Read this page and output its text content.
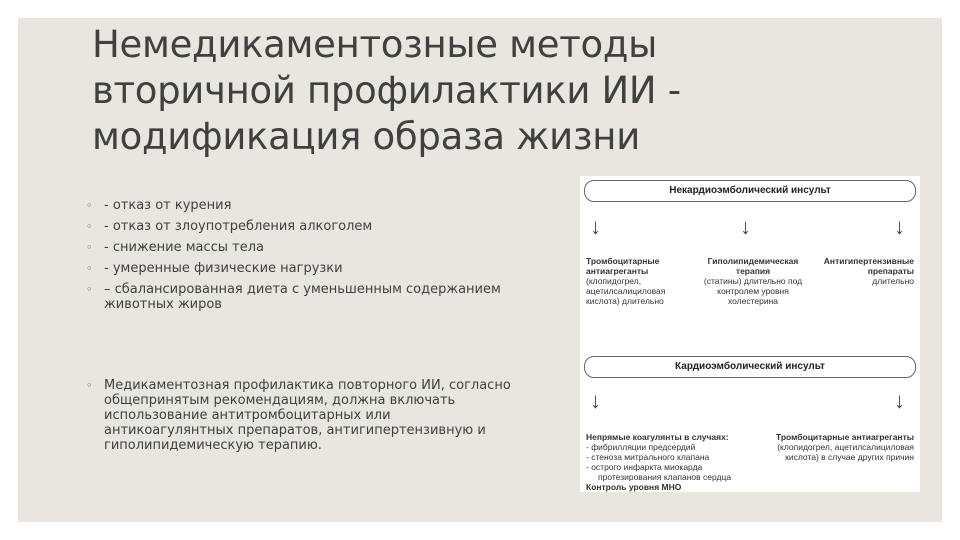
Немедикаментозные методы
вторичной профилактики ИИ -
модификация образа жизни
◦ - отказ от курения
◦ - отказ от злоупотребления алкоголем
◦ - снижение массы тела
◦ - умеренные физические нагрузки
◦ – сбалансированная диета с уменьшенным содержанием животных жиров
◦ Медикаментозная профилактика повторного ИИ, согласно общепринятым рекомендациям, должна включать использование антитромбоцитарных или антикоагулянтных препаратов, антигипертензивную и гиполипидемическую терапию.
Некардиоэмболический инсульт
↓	↓	↓
Тромбоцитарные антиагреганты
(клопидогрел, ацетилсалициловая кислота) длительно
Гиполипидемическая терапия
(статины) длительно под контролем уровня холестерина
Антигипертензивные препараты
длительно
Кардиоэмболический инсульт
↓	↓
Непрямые коагулянты в случаях:
- фибрилляции предсердий
- стеноза митрального клапана
- острого инфаркта миокарда
протезирования клапанов сердца
Контроль уровня МНО
Тромбоцитарные антиагреганты
(клопидогрел, ацетилсалициловая кислота) в случае других причин
